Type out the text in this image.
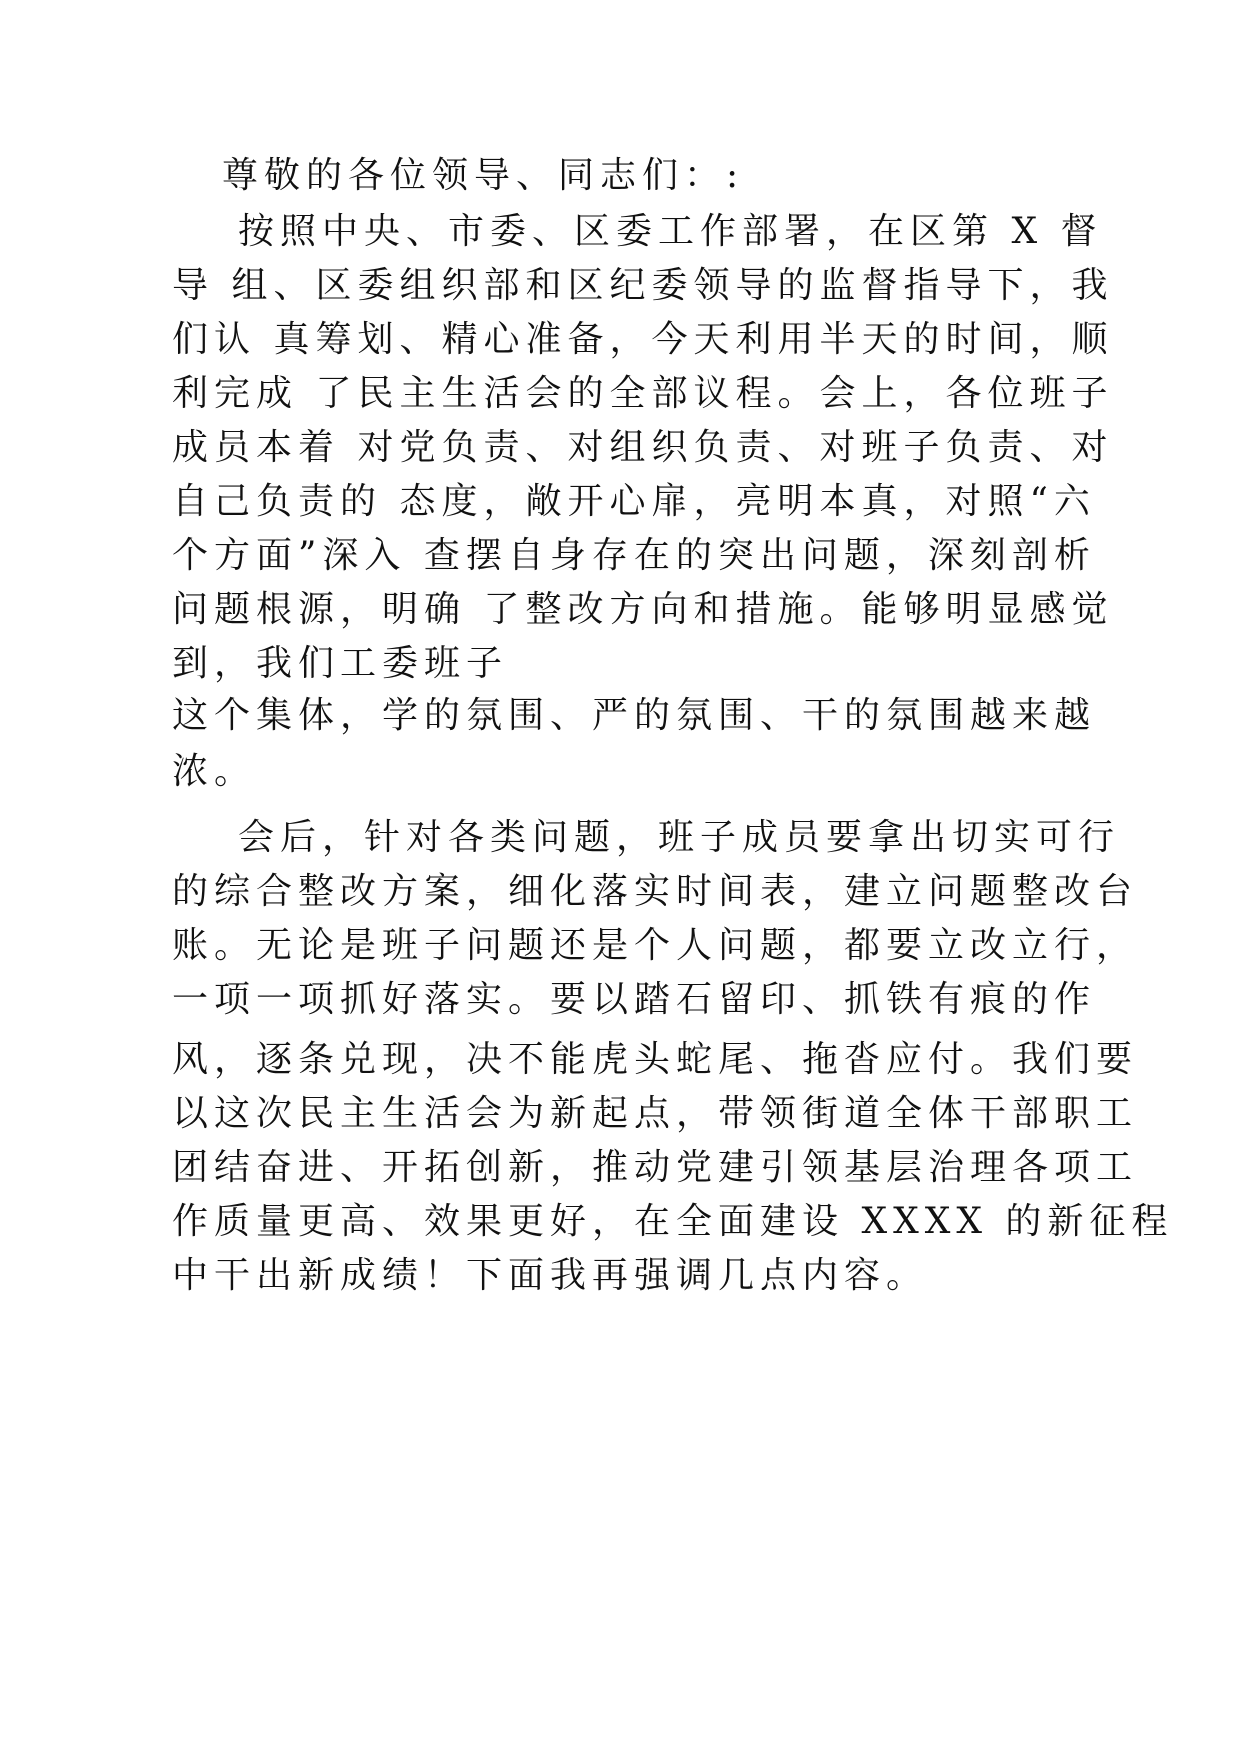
尊敬的各位领导、同志们：:
按照中央、市委、区委工作部署，在区第 X 督
导 组、区委组织部和区纪委领导的监督指导下，我
们认 真筹划、精心准备，今天利用半天的时间，顺
利完成 了民主生活会的全部议程。会上，各位班子
成员本着 对党负责、对组织负责、对班子负责、对
自己负责的 态度，敞开心扉，亮明本真，对照“六
个方面”深入 查摆自身存在的突出问题，深刻剖析
问题根源，明确 了整改方向和措施。能够明显感觉
到，我们工委班子
这个集体，学的氛围、严的氛围、干的氛围越来越
浓。
会后，针对各类问题，班子成员要拿出切实可行
的综合整改方案，细化落实时间表，建立问题整改台
账。无论是班子问题还是个人问题，都要立改立行，
一项一项抓好落实。要以踏石留印、抓铁有痕的作
风，逐条兑现，决不能虎头蛇尾、拖沓应付。我们要
以这次民主生活会为新起点，带领街道全体干部职工
团结奋进、开拓创新，推动党建引领基层治理各项工
作质量更高、效果更好，在全面建设 XXXX 的新征程
中干出新成绩！下面我再强调几点内容。
